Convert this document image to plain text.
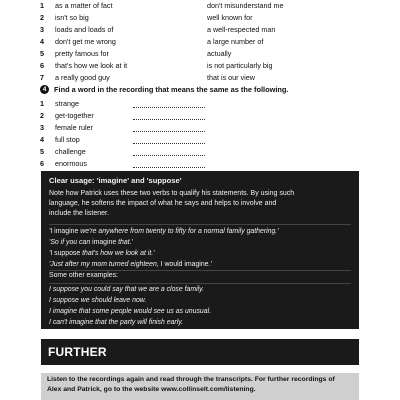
1 as a matter of fact	don't misunderstand me
2 isn't so big	well known for
3 loads and loads of	a well-respected man
4 don't get me wrong	a large number of
5 pretty famous for	actually
6 that's how we look at it	is not particularly big
7 a really good guy	that is our view
4	Find a word in the recording that means the same as the following.
1 strange
2 get-together
3 female ruler
4 full stop
5 challenge
6 enormous
Clear usage: 'imagine' and 'suppose'
Note how Patrick uses these two verbs to qualify his statements. By using such
language, he softens the impact of what he says and helps to involve and
include the listener.
'I imagine we're anywhere from twenty to fifty for a normal family gathering.'
'So if you can imagine that.'
'I suppose that's how we look at it.'
'Just after my mom turned eighteen, I would imagine.'
Some other examples:
I suppose you could say that we are a close family.
I suppose we should leave now.
I imagine that some people would see us as unusual.
I can't imagine that the party will finish early.
FURTHER
Listen to the recordings again and read through the transcripts. For further recordings of
Alex and Patrick, go to the website www.collinselt.com/listening.
